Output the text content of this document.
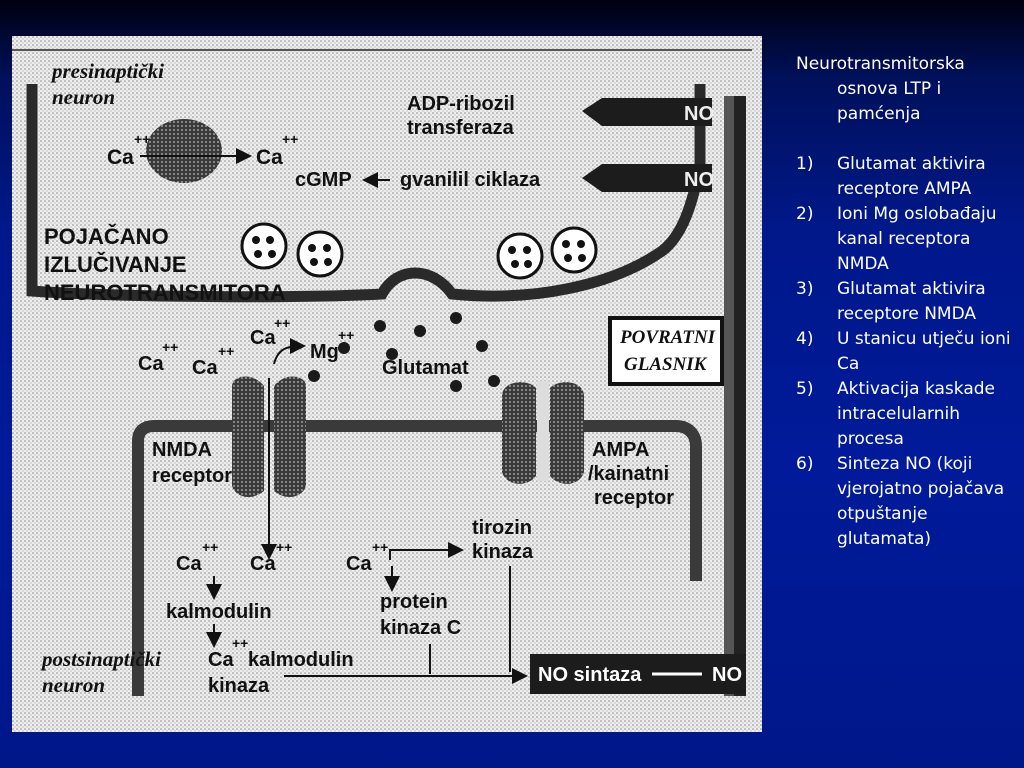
NO
NO
presinaptički
neuron
Ca
++
Ca
++
ADP-ribozil
transferaza
cGMP gvanilil ciklaza
POJAČANO
IZLUČIVANJE
NEUROTRANSMITORA
Glutamat
Ca
++
Ca
++
Ca
++
Mg
++	POVRATNI
GLASNIK
NMDA
receptor
AMPA
/kainatni
receptor
Ca
++
Ca
++
kalmodulin
Ca
++
kalmodulin
kinaza
Ca
++
tirozin
kinaza
protein
kinaza C
NO sintaza	NO
postsinaptički
neuron
Neurotransmitorska osnova LTP i pamćenja
1)	Glutamat aktivira receptore AMPA
2)	Ioni Mg oslobađaju kanal receptora NMDA
3)	Glutamat aktivira receptore NMDA
4)	U stanicu utječu ioni Ca
5)	Aktivacija kaskade intracelularnih procesa
6)	Sinteza NO (koji vjerojatno pojačava otpuštanje glutamata)
